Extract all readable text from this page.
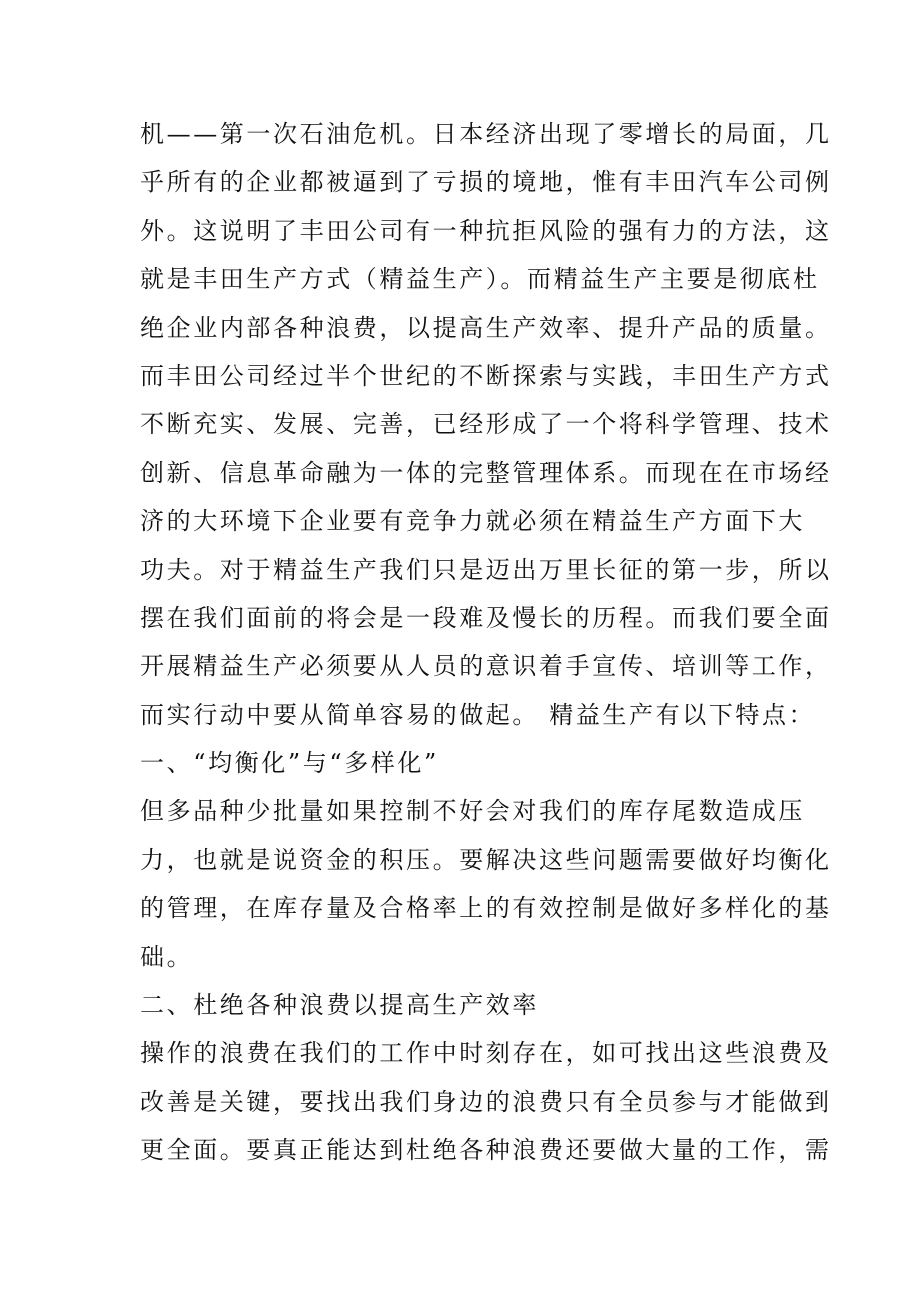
机——第一次石油危机。日本经济出现了零增长的局面，几
乎所有的企业都被逼到了亏损的境地，惟有丰田汽车公司例
外。这说明了丰田公司有一种抗拒风险的强有力的方法，这
就是丰田生产方式（精益生产）。而精益生产主要是彻底杜
绝企业内部各种浪费，以提高生产效率、提升产品的质量。
而丰田公司经过半个世纪的不断探索与实践，丰田生产方式
不断充实、发展、完善，已经形成了一个将科学管理、技术
创新、信息革命融为一体的完整管理体系。而现在在市场经
济的大环境下企业要有竞争力就必须在精益生产方面下大
功夫。对于精益生产我们只是迈出万里长征的第一步，所以
摆在我们面前的将会是一段难及慢长的历程。而我们要全面
开展精益生产必须要从人员的意识着手宣传、培训等工作，
而实行动中要从简单容易的做起。 精益生产有以下特点：
一、“均衡化”与“多样化”
但多品种少批量如果控制不好会对我们的库存尾数造成压
力，也就是说资金的积压。要解决这些问题需要做好均衡化
的管理，在库存量及合格率上的有效控制是做好多样化的基
础。
二、杜绝各种浪费以提高生产效率
操作的浪费在我们的工作中时刻存在，如可找出这些浪费及
改善是关键，要找出我们身边的浪费只有全员参与才能做到
更全面。要真正能达到杜绝各种浪费还要做大量的工作，需
